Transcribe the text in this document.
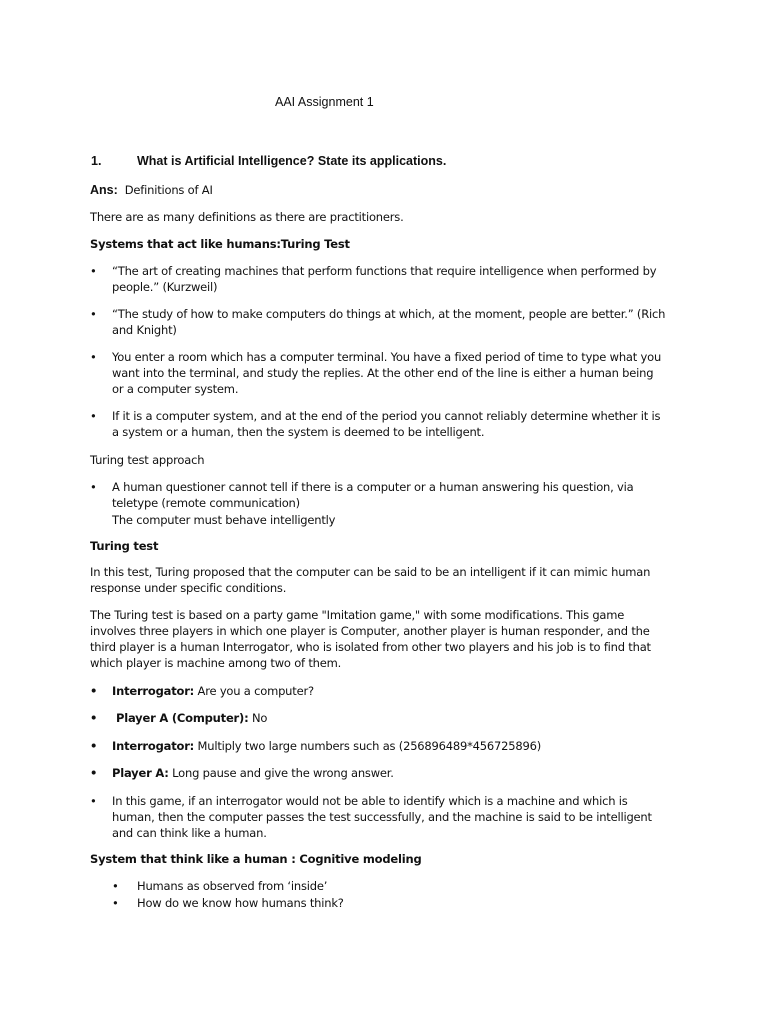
AAI Assignment 1
1.	What is Artificial Intelligence? State its applications.
Ans: Definitions of AI
There are as many definitions as there are practitioners.
Systems that act like humans:Turing Test
•	“The art of creating machines that perform functions that require intelligence when performed by people.” (Kurzweil)
•	“The study of how to make computers do things at which, at the moment, people are better.” (Rich and Knight)
•	You enter a room which has a computer terminal. You have a fixed period of time to type what you want into the terminal, and study the replies. At the other end of the line is either a human being or a computer system.
•	If it is a computer system, and at the end of the period you cannot reliably determine whether it is a system or a human, then the system is deemed to be intelligent.
Turing test approach
•	A human questioner cannot tell if there is a computer or a human answering his question, via teletype (remote communication)
The computer must behave intelligently
Turing test
In this test, Turing proposed that the computer can be said to be an intelligent if it can mimic human response under specific conditions.
The Turing test is based on a party game "Imitation game," with some modifications. This game involves three players in which one player is Computer, another player is human responder, and the third player is a human Interrogator, who is isolated from other two players and his job is to find that which player is machine among two of them.
•	Interrogator: Are you a computer?
•	Player A (Computer): No
•	Interrogator: Multiply two large numbers such as (256896489*456725896)
•	Player A: Long pause and give the wrong answer.
•	In this game, if an interrogator would not be able to identify which is a machine and which is human, then the computer passes the test successfully, and the machine is said to be intelligent and can think like a human.
System that think like a human : Cognitive modeling
• Humans as observed from ‘inside’
• How do we know how humans think?
